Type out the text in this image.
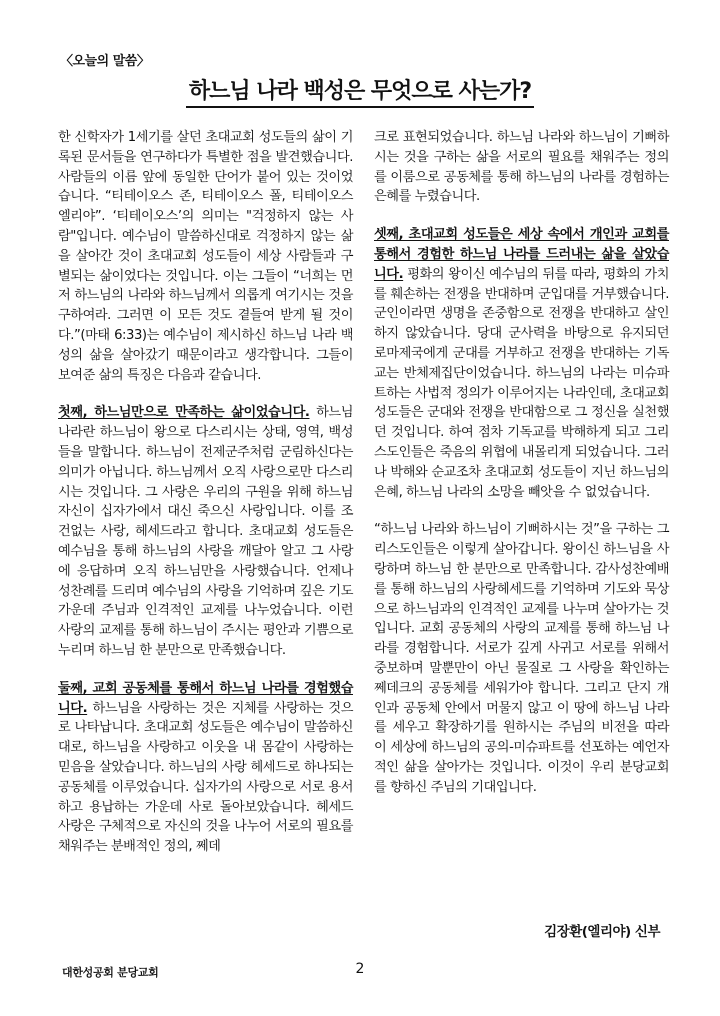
〈오늘의 말씀〉
하느님 나라 백성은 무엇으로 사는가?

한 신학자가 1세기를 살던 초대교회 성도들의 삶이 기록된 문서들을 연구하다가 특별한 점을 발견했습니다. 사람들의 이름 앞에 동일한 단어가 붙어 있는 것이었습니다. “티테이오스 존, 티테이오스 폴, 티테이오스 엘리야”. ‘티테이오스’의 의미는 "걱정하지 않는 사람"입니다. 예수님이 말씀하신대로 걱정하지 않는 삶을 살아간 것이 초대교회 성도들이 세상 사람들과 구별되는 삶이었다는 것입니다. 이는 그들이 “너희는 먼저 하느님의 나라와 하느님께서 의롭게 여기시는 것을 구하여라. 그러면 이 모든 것도 곁들여 받게 될 것이다.”(마태 6:33)는 예수님이 제시하신 하느님 나라 백성의 삶을 살아갔기 때문이라고 생각합니다. 그들이 보여준 삶의 특징은 다음과 같습니다.

첫째, 하느님만으로 만족하는 삶이었습니다. 하느님 나라란 하느님이 왕으로 다스리시는 상태, 영역, 백성들을 말합니다. 하느님이 전제군주처럼 군림하신다는 의미가 아닙니다. 하느님께서 오직 사랑으로만 다스리시는 것입니다. 그 사랑은 우리의 구원을 위해 하느님 자신이 십자가에서 대신 죽으신 사랑입니다. 이를 조건없는 사랑, 헤세드라고 합니다. 초대교회 성도들은 예수님을 통해 하느님의 사랑을 깨달아 알고 그 사랑에 응답하며 오직 하느님만을 사랑했습니다. 언제나 성찬례를 드리며 예수님의 사랑을 기억하며 깊은 기도 가운데 주님과 인격적인 교제를 나누었습니다. 이런 사랑의 교제를 통해 하느님이 주시는 평안과 기쁨으로 누리며 하느님 한 분만으로 만족했습니다.

둘째, 교회 공동체를 통해서 하느님 나라를 경험했습니다. 하느님을 사랑하는 것은 지체를 사랑하는 것으로 나타납니다. 초대교회 성도들은 예수님이 말씀하신 대로, 하느님을 사랑하고 이웃을 내 몸같이 사랑하는 믿음을 살았습니다. 하느님의 사랑 헤세드로 하나되는 공동체를 이루었습니다. 십자가의 사랑으로 서로 용서하고 용납하는 가운데 사로 돌아보았습니다. 헤세드 사랑은 구체적으로 자신의 것을 나누어 서로의 필요를 채워주는 분배적인 정의, 쩨데

크로 표현되었습니다. 하느님 나라와 하느님이 기뻐하시는 것을 구하는 삶을 서로의 필요를 채워주는 정의를 이룸으로 공동체를 통해 하느님의 나라를 경험하는 은혜를 누렸습니다.

셋째, 초대교회 성도들은 세상 속에서 개인과 교회를 통해서 경험한 하느님 나라를 드러내는 삶을 살았습니다. 평화의 왕이신 예수님의 뒤를 따라, 평화의 가치를 훼손하는 전쟁을 반대하며 군입대를 거부했습니다. 군인이라면 생명을 존중함으로 전쟁을 반대하고 살인하지 않았습니다. 당대 군사력을 바탕으로 유지되던 로마제국에게 군대를 거부하고 전쟁을 반대하는 기독교는 반체제집단이었습니다. 하느님의 나라는 미슈파트하는 사법적 정의가 이루어지는 나라인데, 초대교회 성도들은 군대와 전쟁을 반대함으로 그 정신을 실천했던 것입니다. 하여 점차 기독교를 박해하게 되고 그리스도인들은 죽음의 위협에 내몰리게 되었습니다. 그러나 박해와 순교조차 초대교회 성도들이 지닌 하느님의 은혜, 하느님 나라의 소망을 빼앗을 수 없었습니다.

“하느님 나라와 하느님이 기뻐하시는 것”을 구하는 그리스도인들은 이렇게 살아갑니다. 왕이신 하느님을 사랑하며 하느님 한 분만으로 만족합니다. 감사성찬예배를 통해 하느님의 사랑헤세드를 기억하며 기도와 묵상으로 하느님과의 인격적인 교제를 나누며 살아가는 것입니다. 교회 공동체의 사랑의 교제를 통해 하느님 나라를 경험합니다. 서로가 깊게 사귀고 서로를 위해서 중보하며 말뿐만이 아닌 물질로 그 사랑을 확인하는 쩨데크의 공동체를 세워가야 합니다. 그리고 단지 개인과 공동체 안에서 머물지 않고 이 땅에 하느님 나라를 세우고 확장하기를 원하시는 주님의 비전을 따라 이 세상에 하느님의 공의-미슈파트를 선포하는 예언자적인 삶을 살아가는 것입니다. 이것이 우리 분당교회를 향하신 주님의 기대입니다.

김장환(엘리야) 신부
대한성공회 분당교회	2
